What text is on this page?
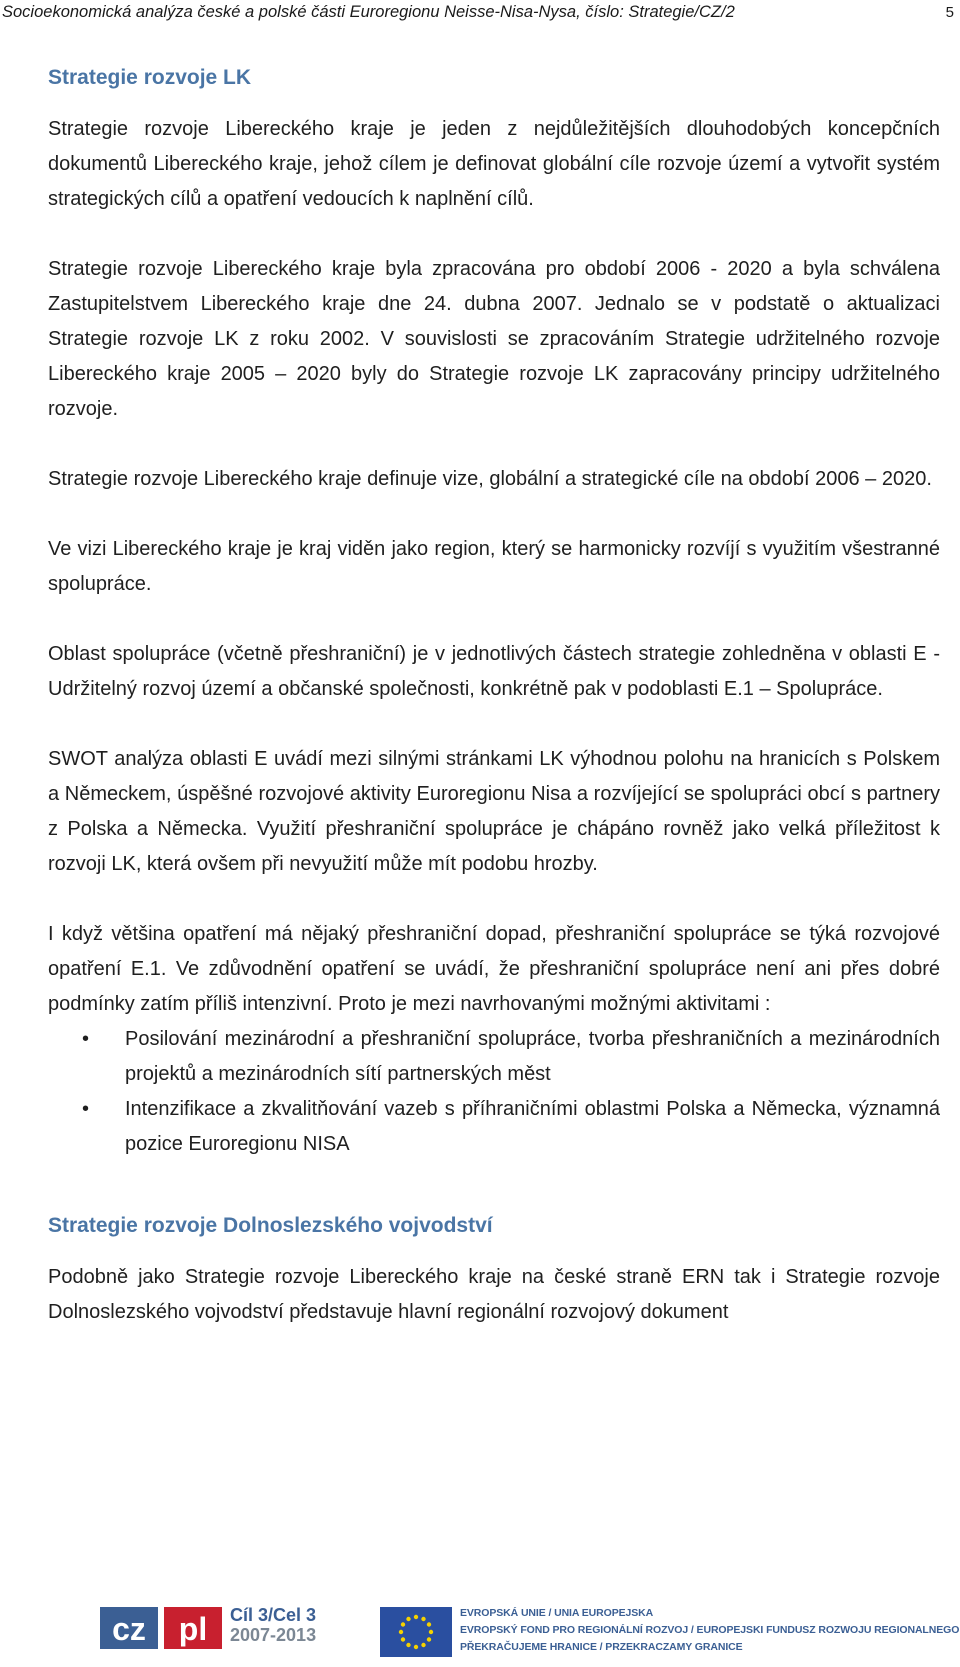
Socioekonomická analýza české a polské části Euroregionu Neisse-Nisa-Nysa, číslo: Strategie/CZ/2	5
Strategie rozvoje LK

Strategie rozvoje Libereckého kraje je jeden z nejdůležitějších dlouhodobých koncepčních dokumentů Libereckého kraje, jehož cílem je definovat globální cíle rozvoje území a vytvořit systém strategických cílů a opatření vedoucích k naplnění cílů.

Strategie rozvoje Libereckého kraje byla zpracována pro období 2006 - 2020 a byla schválena Zastupitelstvem Libereckého kraje dne 24. dubna 2007. Jednalo se v podstatě o aktualizaci Strategie rozvoje LK z roku 2002. V souvislosti se zpracováním Strategie udržitelného rozvoje Libereckého kraje 2005 – 2020 byly do Strategie rozvoje LK zapracovány principy udržitelného rozvoje.

Strategie rozvoje Libereckého kraje definuje vize, globální a strategické cíle na období 2006 – 2020.

Ve vizi Libereckého kraje je kraj viděn jako region, který se harmonicky rozvíjí s využitím všestranné spolupráce.

Oblast spolupráce (včetně přeshraniční) je v jednotlivých částech strategie zohledněna v oblasti E - Udržitelný rozvoj území a občanské společnosti, konkrétně pak v podoblasti E.1 – Spolupráce.

SWOT analýza oblasti E uvádí mezi silnými stránkami LK výhodnou polohu na hranicích s Polskem a Německem, úspěšné rozvojové aktivity Euroregionu Nisa a rozvíjející se spolupráci obcí s partnery z Polska a Německa. Využití přeshraniční spolupráce je chápáno rovněž jako velká příležitost k rozvoji LK, která ovšem při nevyužití může mít podobu hrozby.

I když většina opatření má nějaký přeshraniční dopad, přeshraniční spolupráce se týká rozvojové opatření E.1. Ve zdůvodnění opatření se uvádí, že přeshraniční spolupráce není ani přes dobré podmínky zatím příliš intenzivní. Proto je mezi navrhovanými možnými aktivitami :

• Posilování mezinárodní a přeshraniční spolupráce, tvorba přeshraničních a mezinárodních projektů a mezinárodních sítí partnerských měst
• Intenzifikace a zkvalitňování vazeb s příhraničními oblastmi Polska a Německa, významná pozice Euroregionu NISA
Strategie rozvoje Dolnoslezského vojvodství

Podobně jako Strategie rozvoje Libereckého kraje na české straně ERN tak i Strategie rozvoje Dolnoslezského vojvodství představuje hlavní regionální rozvojový dokument

cz pl Cíl 3/Cel 3
2007-2013
EVROPSKÁ UNIE / UNIA EUROPEJSKA
EVROPSKÝ FOND PRO REGIONÁLNÍ ROZVOJ / EUROPEJSKI FUNDUSZ ROZWOJU REGIONALNEGO
PŘEKRAČUJEME HRANICE / PRZEKRACZAMY GRANICE
